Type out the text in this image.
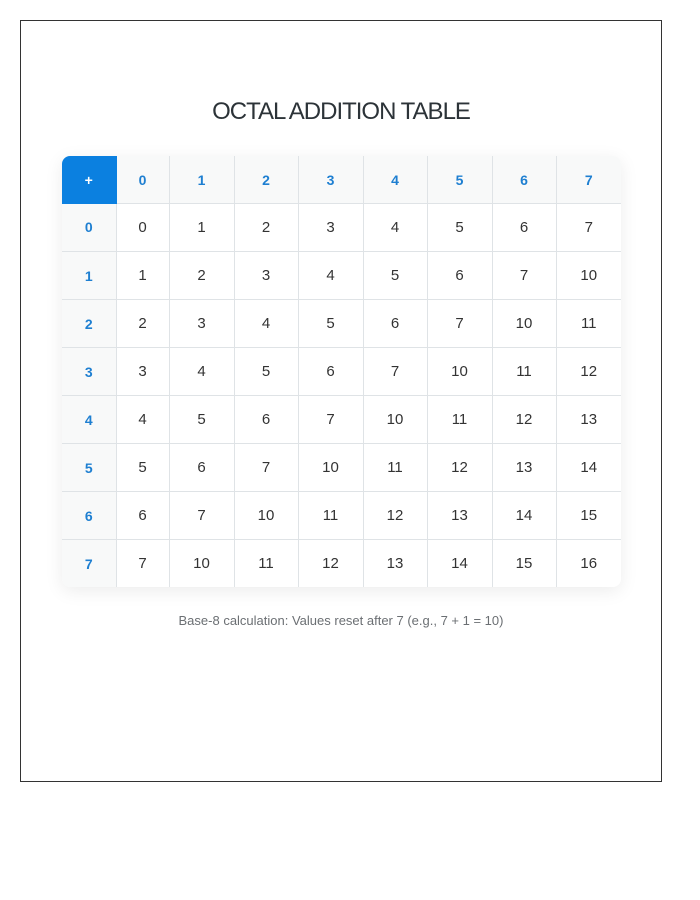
OCTAL ADDITION TABLE
+	0	1	2	3	4	5	6	7
0	0	1	2	3	4	5	6	7
1	1	2	3	4	5	6	7	10
2	2	3	4	5	6	7	10	11
3	3	4	5	6	7	10	11	12
4	4	5	6	7	10	11	12	13
5	5	6	7	10	11	12	13	14
6	6	7	10	11	12	13	14	15
7	7	10	11	12	13	14	15	16

Base-8 calculation: Values reset after 7 (e.g., 7 + 1 = 10)
